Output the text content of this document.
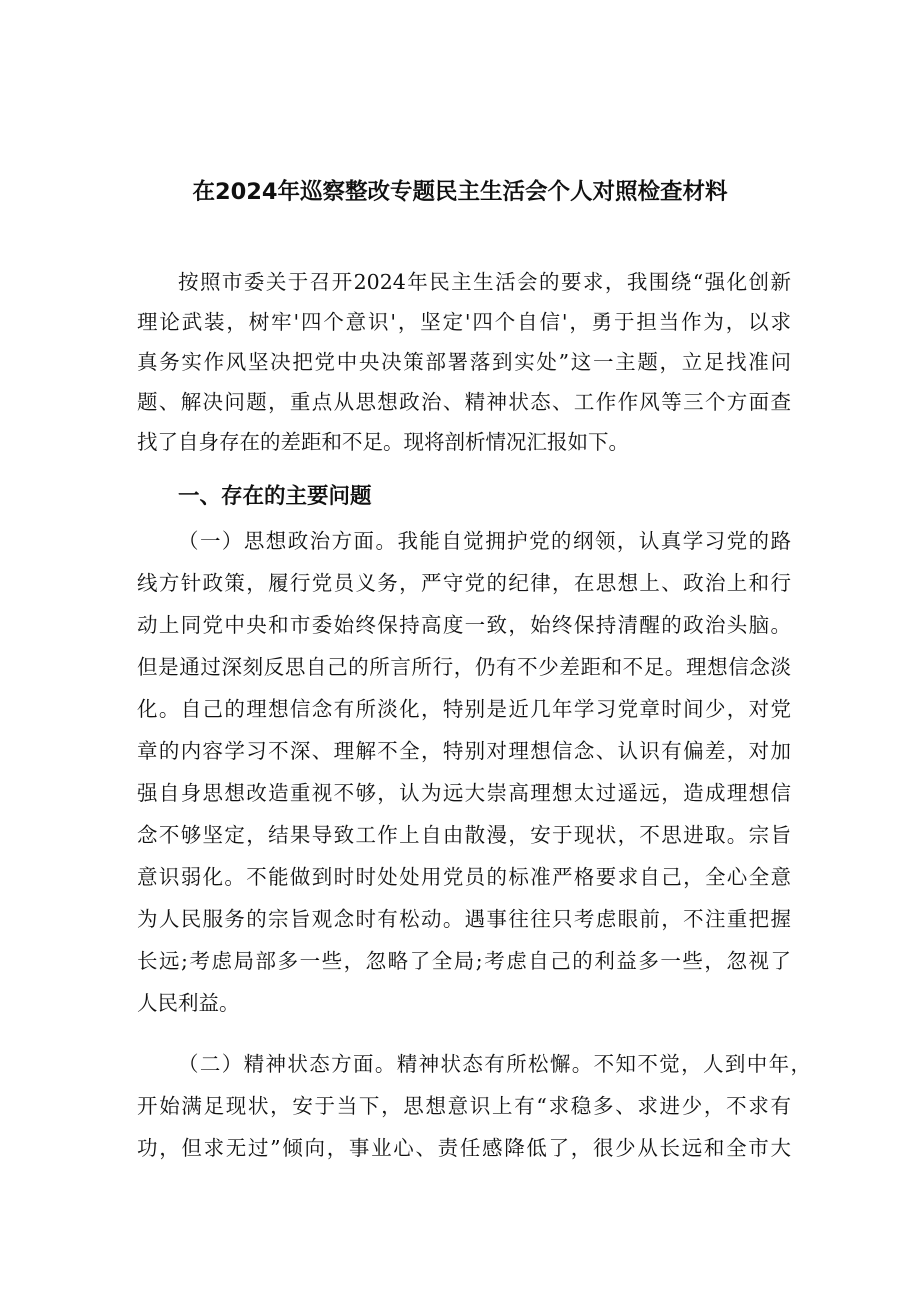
在2024年巡察整改专题民主生活会个人对照检查材料

按照市委关于召开2024年民主生活会的要求，我围绕“强化创新

理论武装，树牢'四个意识'，坚定'四个自信'，勇于担当作为，以求

真务实作风坚决把党中央决策部署落到实处”这一主题，立足找准问

题、解决问题，重点从思想政治、精神状态、工作作风等三个方面查

找了自身存在的差距和不足。现将剖析情况汇报如下。

一、存在的主要问题

（一）思想政治方面。我能自觉拥护党的纲领，认真学习党的路

线方针政策，履行党员义务，严守党的纪律，在思想上、政治上和行

动上同党中央和市委始终保持高度一致，始终保持清醒的政治头脑。

但是通过深刻反思自己的所言所行，仍有不少差距和不足。理想信念淡

化。自己的理想信念有所淡化，特别是近几年学习党章时间少，对党

章的内容学习不深、理解不全，特别对理想信念、认识有偏差，对加

强自身思想改造重视不够，认为远大崇高理想太过遥远，造成理想信

念不够坚定，结果导致工作上自由散漫，安于现状，不思进取。宗旨

意识弱化。不能做到时时处处用党员的标准严格要求自己，全心全意

为人民服务的宗旨观念时有松动。遇事往往只考虑眼前，不注重把握

长远;考虑局部多一些，忽略了全局;考虑自己的利益多一些，忽视了

人民利益。

（二）精神状态方面。精神状态有所松懈。不知不觉，人到中年，

开始满足现状，安于当下，思想意识上有“求稳多、求进少，不求有

功，但求无过”倾向，事业心、责任感降低了，很少从长远和全市大
